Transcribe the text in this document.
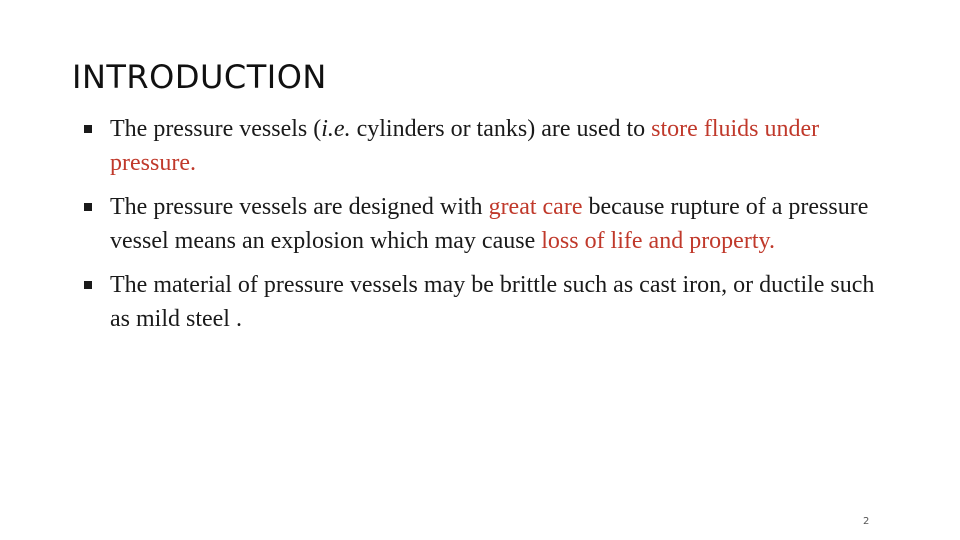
INTRODUCTION
The pressure vessels (i.e. cylinders or tanks) are used to store fluids under pressure.
The pressure vessels are designed with great care because rupture of a pressure vessel means an explosion which may cause loss of life and property.
The material of pressure vessels may be brittle such as cast iron, or ductile such as mild steel .
2
